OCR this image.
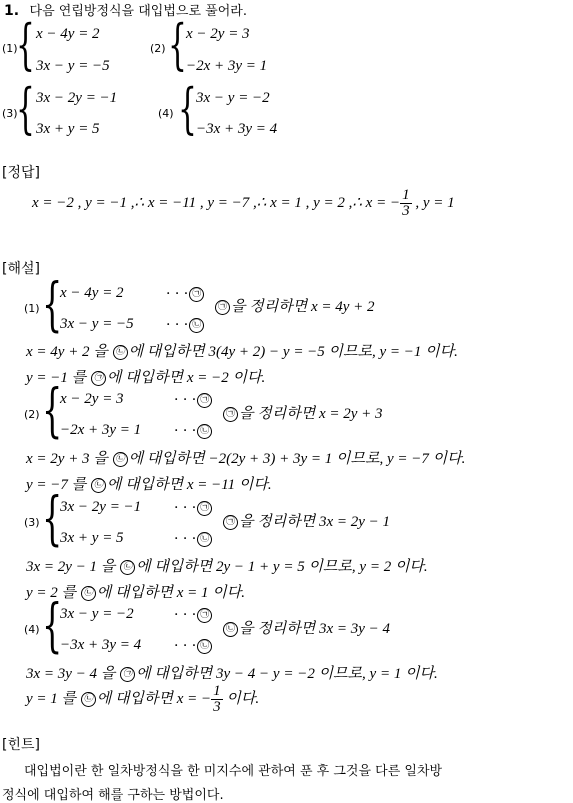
1. 다음 연립방정식을 대입법으로 풀어라.
(1)
{ x − 4y = 2
3x − y = −5
(2) { x − 2y = 3
−2x + 3y = 1
(3)
{ 3x − 2y = −1
3x + y = 5
(4) { 3x − y = −2
−3x + 3y = 4
[정답]
x = −2 , y = −1 ,∴ x = −11 , y = −7 ,∴ x = 1 , y = 2 ,∴ x = − $\frac{1}{3}$ , y = 1
[해설]
(1) {
x − 4y = 2
3x − y = −5
· · · ㉠
· · · ㉡
㉠ 을 정리하면 x = 4y + 2
x = 4y + 2 을 ㉡ 에 대입하면 3(4y + 2) − y = −5 이므로, y = −1 이다.
y = −1 를 ㉠ 에 대입하면 x = −2 이다.
(2) {
x − 2y = 3
−2x + 3y = 1
· · · ㉠
· · · ㉡
㉠ 을 정리하면 x = 2y + 3
x = 2y + 3 을 ㉡ 에 대입하면 −2(2y + 3) + 3y = 1 이므로, y = −7 이다.
y = −7 를 ㉡ 에 대입하면 x = −11 이다.
(3) {
3x − 2y = −1
3x + y = 5
· · · ㉠
· · · ㉡
㉠ 을 정리하면 3x = 2y − 1
3x = 2y − 1 을 ㉡ 에 대입하면 2y − 1 + y = 5 이므로, y = 2 이다.
y = 2 를 ㉡ 에 대입하면 x = 1 이다.
(4) {
3x − y = −2
−3x + 3y = 4
· · · ㉠
· · · ㉡
㉡ 을 정리하면 3x = 3y − 4
3x = 3y − 4 을 ㉠ 에 대입하면 3y − 4 − y = −2 이므로, y = 1 이다.
y = 1 를 ㉡ 에 대입하면 x = − $\frac{1}{3}$ 이다.
[힌트]
대입법이란 한 일차방정식을 한 미지수에 관하여 푼 후 그것을 다른 일차방
정식에 대입하여 해를 구하는 방법이다.
